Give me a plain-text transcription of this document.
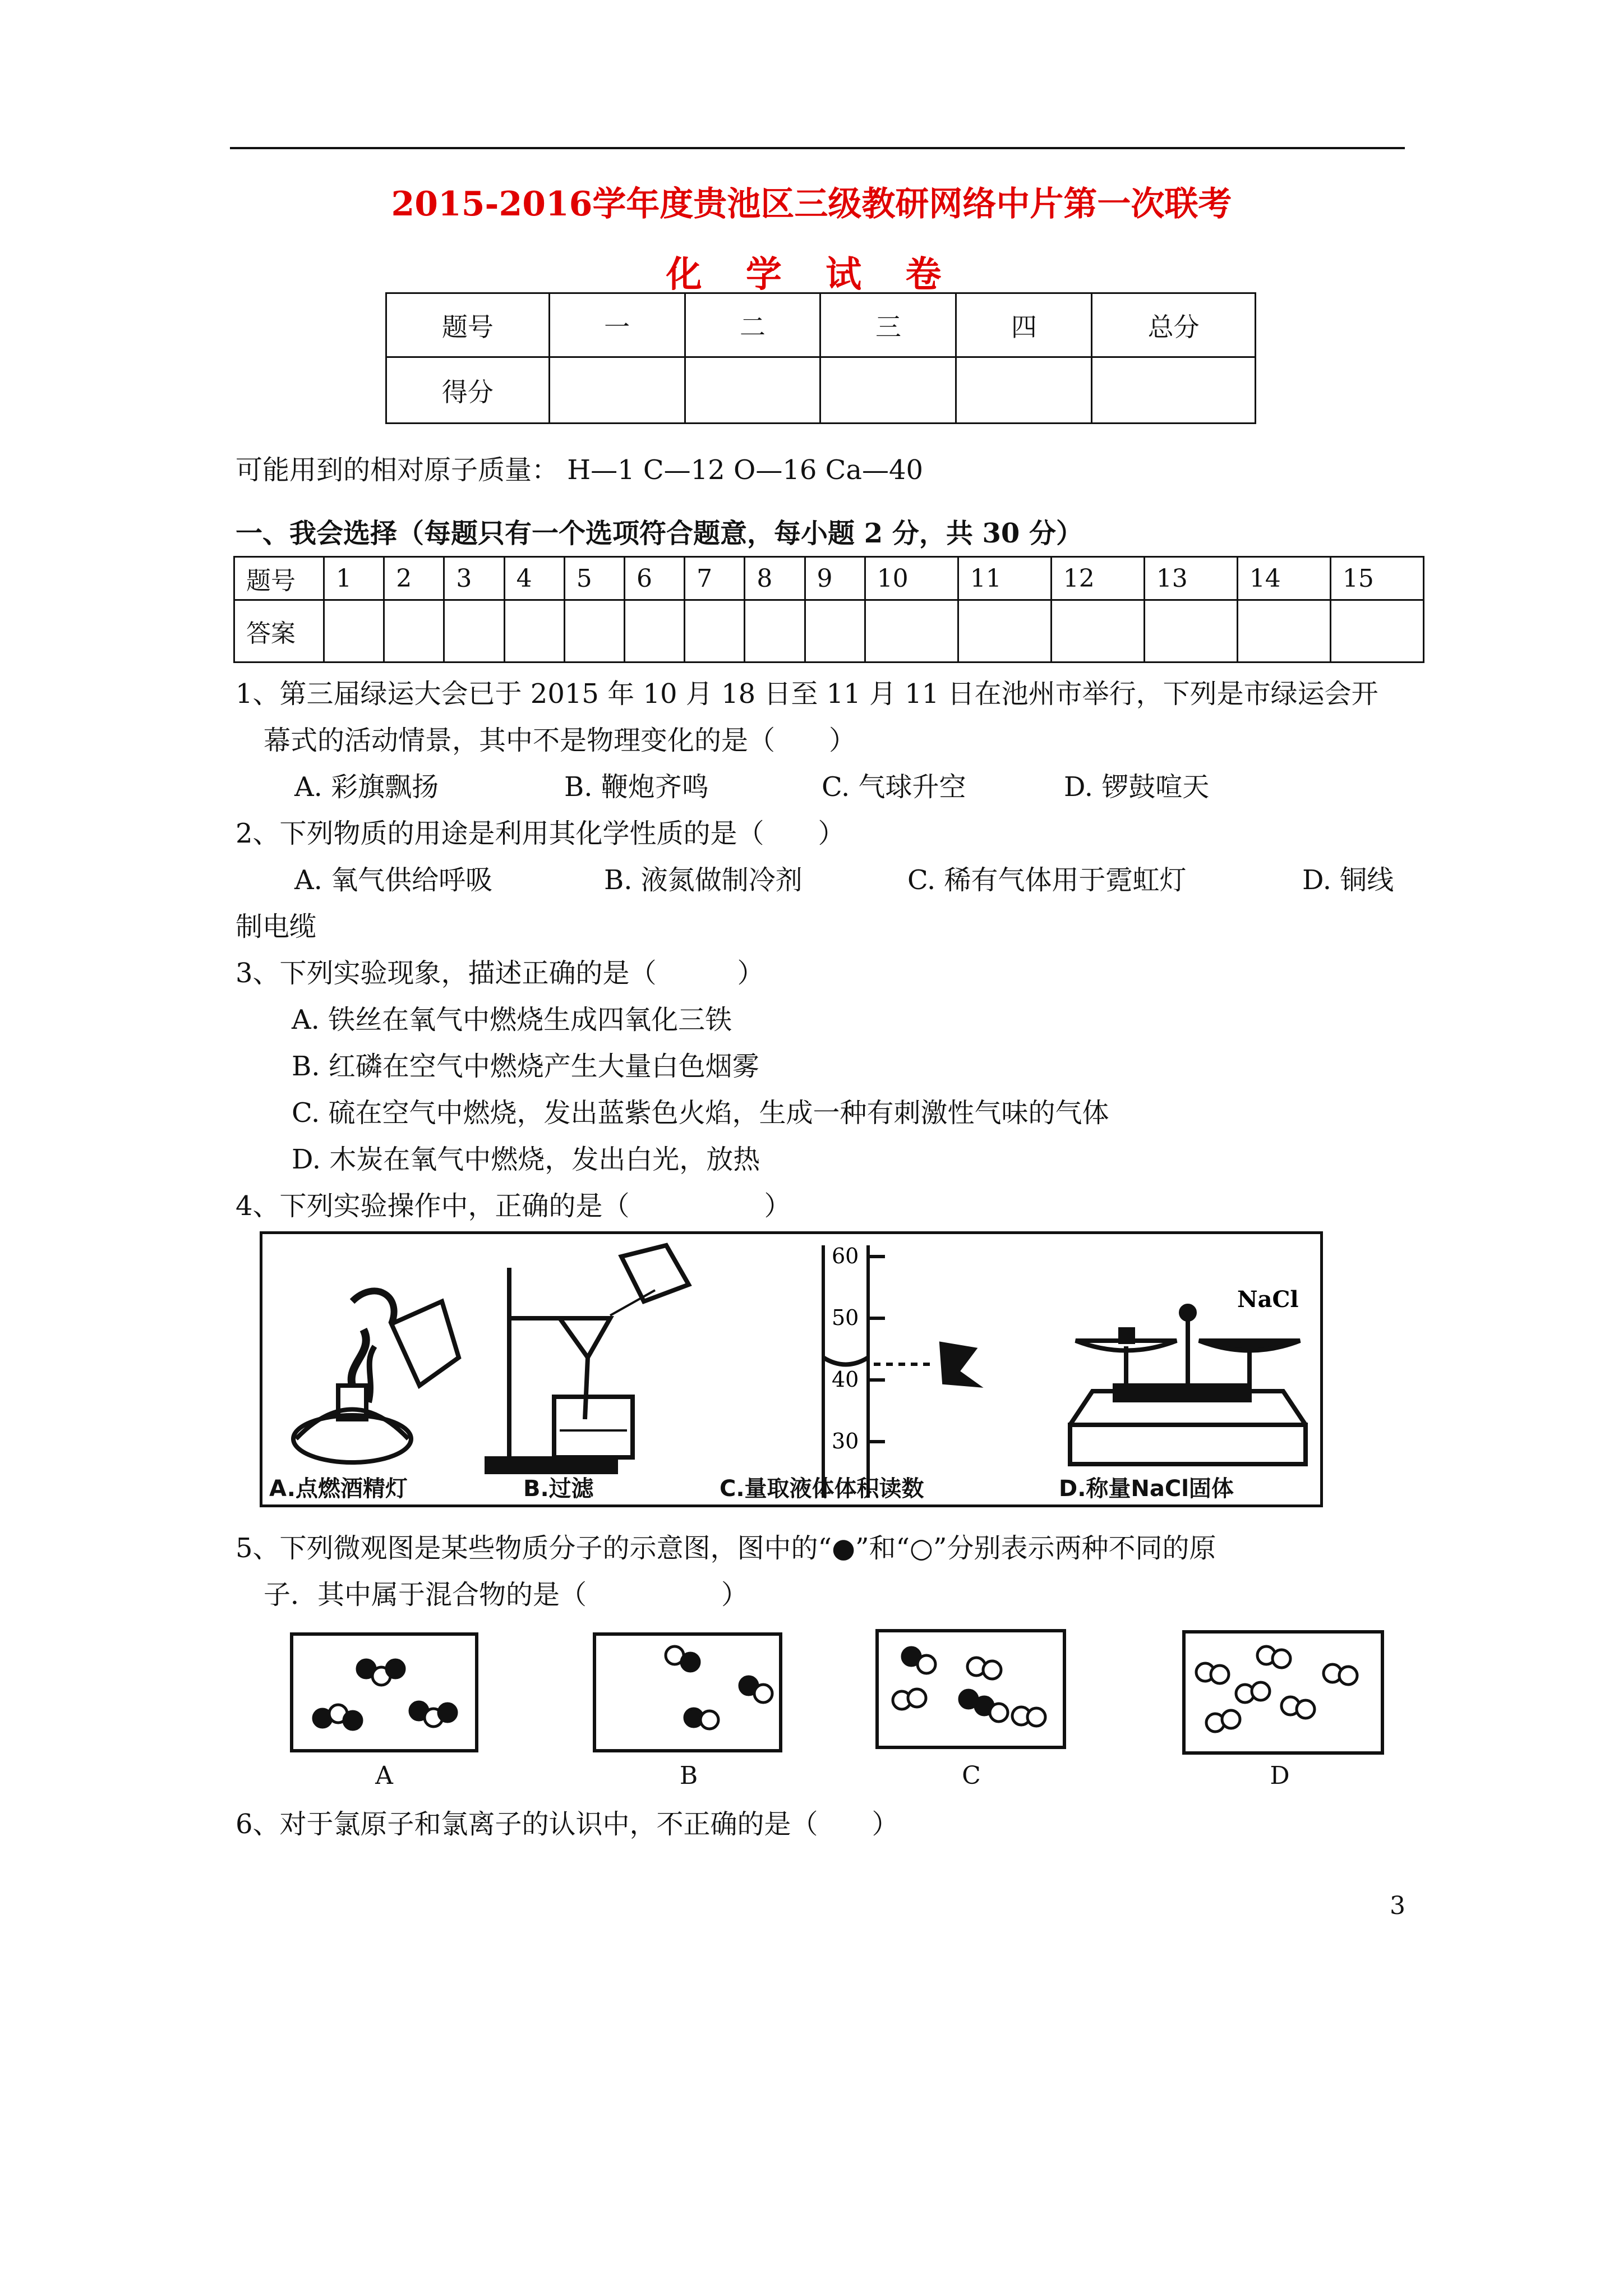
2015-2016学年度贵池区三级教研网络中片第一次联考
化 学 试 卷
题号	一	二	三	四	总分
得分					
可能用到的相对原子质量： H—1 C—12 O—16 Ca—40
一、我会选择（每题只有一个选项符合题意，每小题 2 分，共 30 分）
题号	1	2	3	4	5	6	7	8	9	10	11	12	13	14	15
答案															
1、第三届绿运大会已于 2015 年 10 月 18 日至 11 月 11 日在池州市举行，下列是市绿运会开
幕式的活动情景，其中不是物理变化的是（　　）
A. 彩旗飘扬	B. 鞭炮齐鸣	C. 气球升空	D. 锣鼓喧天
2、下列物质的用途是利用其化学性质的是（　　）
A. 氧气供给呼吸	B. 液氮做制冷剂	C. 稀有气体用于霓虹灯	D. 铜线
制电缆
3、下列实验现象，描述正确的是（　　　）
A. 铁丝在氧气中燃烧生成四氧化三铁
B. 红磷在空气中燃烧产生大量白色烟雾
C. 硫在空气中燃烧，发出蓝紫色火焰，生成一种有刺激性气味的气体
D. 木炭在氧气中燃烧，发出白光，放热
4、下列实验操作中，正确的是（　　　　　）
60
50
40
30
NaCl
A.点燃酒精灯	B.过滤	C.量取液体体积读数	D.称量NaCl固体
5、下列微观图是某些物质分子的示意图，图中的“●”和“○”分别表示两种不同的原
子．其中属于混合物的是（　　　　　）
A	B	C	D
6、对于氯原子和氯离子的认识中，不正确的是（　　）
3
